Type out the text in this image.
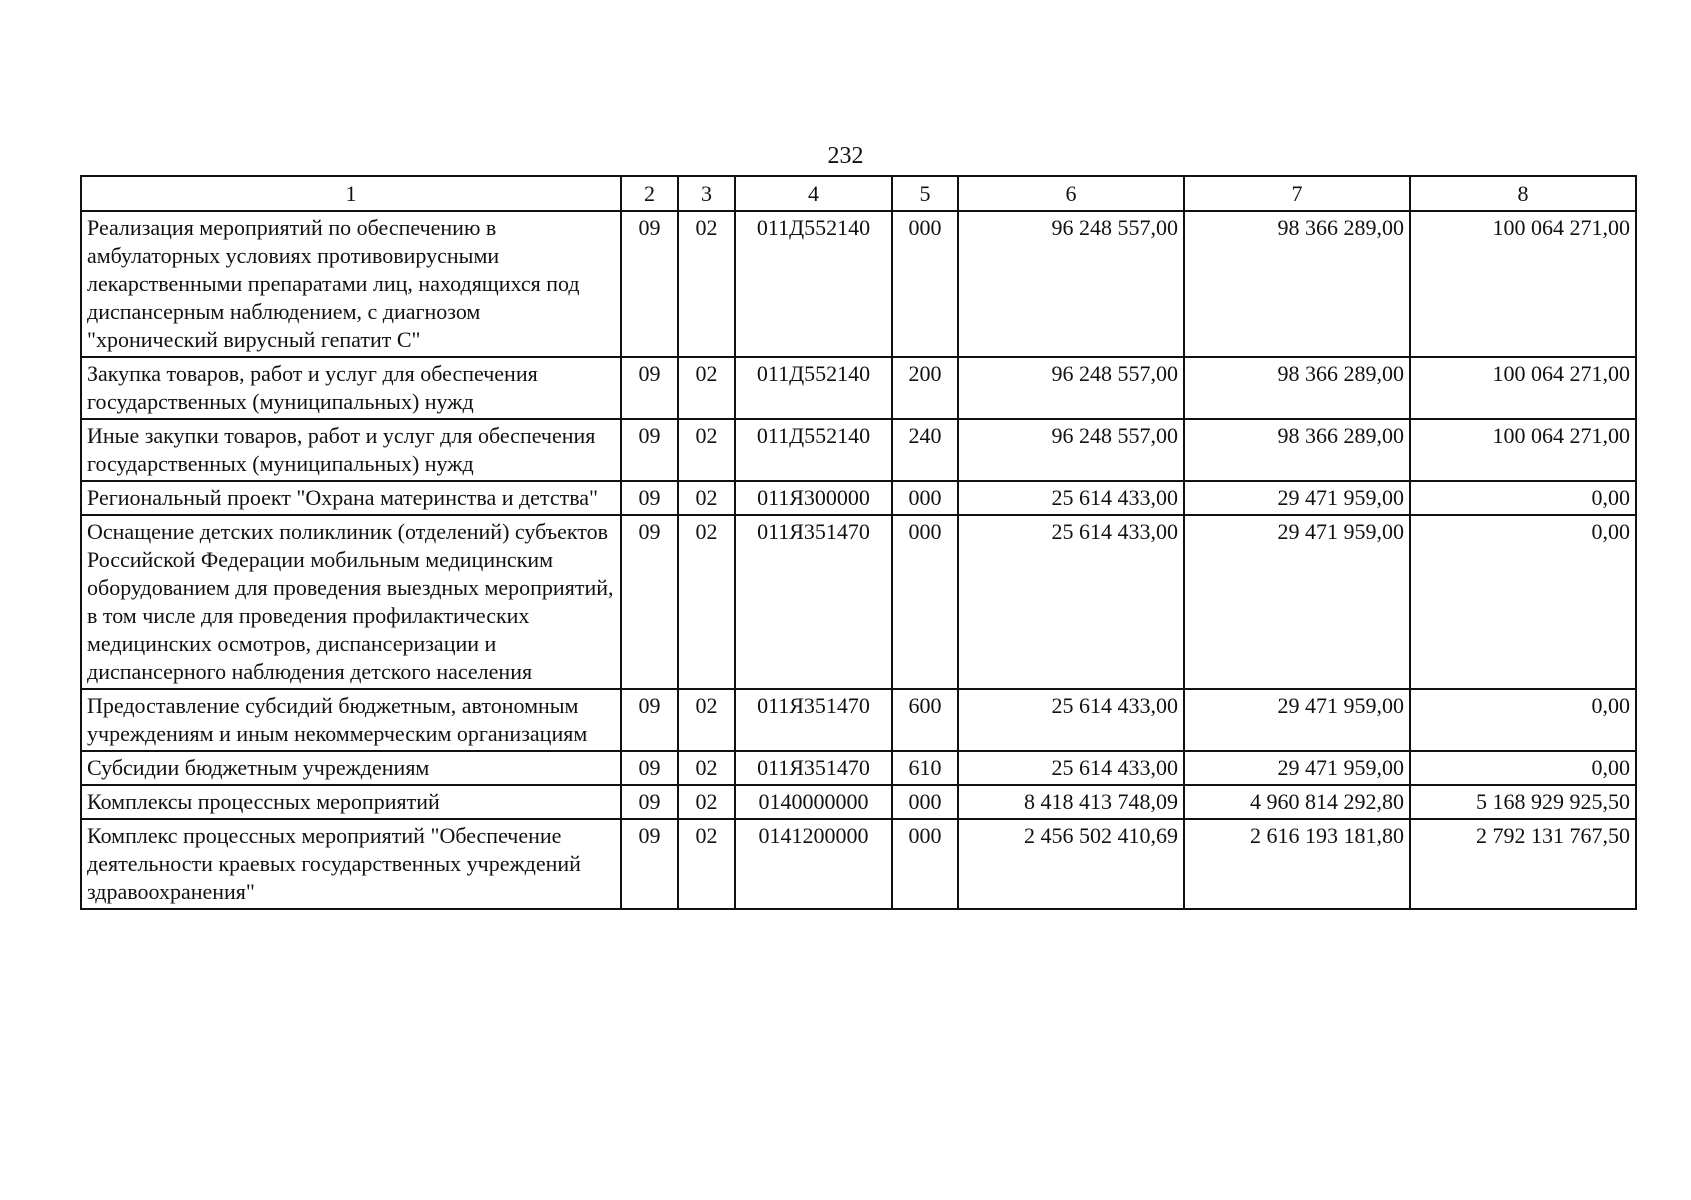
232
1	2	3	4	5	6	7	8
Реализация мероприятий по обеспечению в амбулаторных условиях противовирусными лекарственными препаратами лиц, находящихся под диспансерным наблюдением, с диагнозом "хронический вирусный гепатит С"	09	02	011Д552140	000	96 248 557,00	98 366 289,00	100 064 271,00
Закупка товаров, работ и услуг для обеспечения государственных (муниципальных) нужд	09	02	011Д552140	200	96 248 557,00	98 366 289,00	100 064 271,00
Иные закупки товаров, работ и услуг для обеспечения государственных (муниципальных) нужд	09	02	011Д552140	240	96 248 557,00	98 366 289,00	100 064 271,00
Региональный проект "Охрана материнства и детства"	09	02	011Я300000	000	25 614 433,00	29 471 959,00	0,00
Оснащение детских поликлиник (отделений) субъектов Российской Федерации мобильным медицинским оборудованием для проведения выездных мероприятий, в том числе для проведения профилактических медицинских осмотров, диспансеризации и диспансерного наблюдения детского населения	09	02	011Я351470	000	25 614 433,00	29 471 959,00	0,00
Предоставление субсидий бюджетным, автономным учреждениям и иным некоммерческим организациям	09	02	011Я351470	600	25 614 433,00	29 471 959,00	0,00
Субсидии бюджетным учреждениям	09	02	011Я351470	610	25 614 433,00	29 471 959,00	0,00
Комплексы процессных мероприятий	09	02	0140000000	000	8 418 413 748,09	4 960 814 292,80	5 168 929 925,50
Комплекс процессных мероприятий "Обеспечение деятельности краевых государственных учреждений здравоохранения"	09	02	0141200000	000	2 456 502 410,69	2 616 193 181,80	2 792 131 767,50
